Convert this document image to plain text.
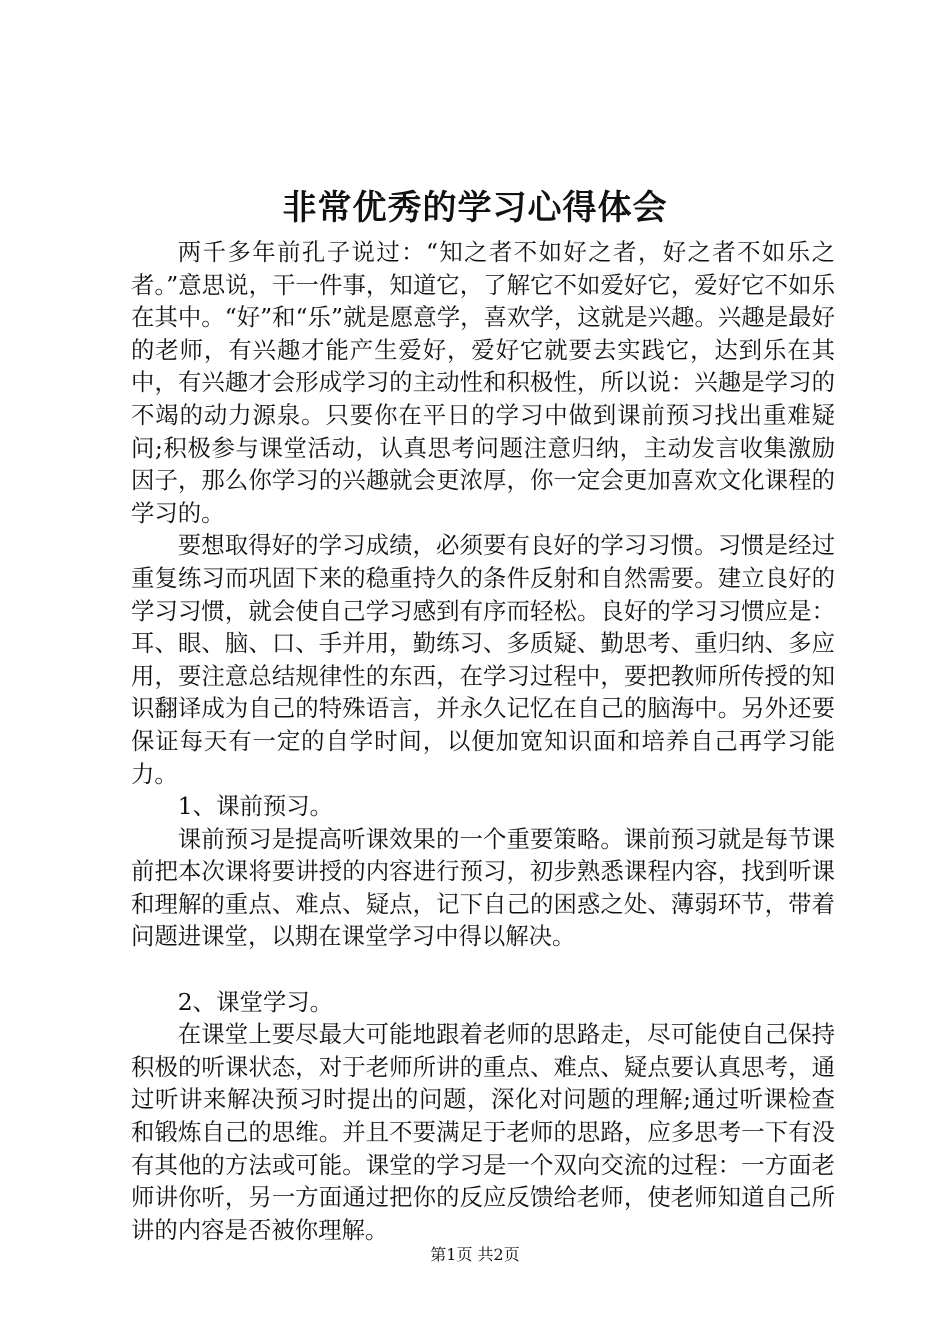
非常优秀的学习心得体会

两千多年前孔子说过：“知之者不如好之者，好之者不如乐之者。”意思说，干一件事，知道它，了解它不如爱好它，爱好它不如乐在其中。“好”和“乐”就是愿意学，喜欢学，这就是兴趣。兴趣是最好的老师，有兴趣才能产生爱好，爱好它就要去实践它，达到乐在其中，有兴趣才会形成学习的主动性和积极性，所以说：兴趣是学习的不竭的动力源泉。只要你在平日的学习中做到课前预习找出重难疑问;积极参与课堂活动，认真思考问题注意归纳，主动发言收集激励因子，那么你学习的兴趣就会更浓厚，你一定会更加喜欢文化课程的学习的。

要想取得好的学习成绩，必须要有良好的学习习惯。习惯是经过重复练习而巩固下来的稳重持久的条件反射和自然需要。建立良好的学习习惯，就会使自己学习感到有序而轻松。良好的学习习惯应是：耳、眼、脑、口、手并用，勤练习、多质疑、勤思考、重归纳、多应用，要注意总结规律性的东西，在学习过程中，要把教师所传授的知识翻译成为自己的特殊语言，并永久记忆在自己的脑海中。另外还要保证每天有一定的自学时间，以便加宽知识面和培养自己再学习能力。

1、课前预习。

课前预习是提高听课效果的一个重要策略。课前预习就是每节课前把本次课将要讲授的内容进行预习，初步熟悉课程内容，找到听课和理解的重点、难点、疑点，记下自己的困惑之处、薄弱环节，带着问题进课堂，以期在课堂学习中得以解决。

2、课堂学习。

在课堂上要尽最大可能地跟着老师的思路走，尽可能使自己保持积极的听课状态，对于老师所讲的重点、难点、疑点要认真思考，通过听讲来解决预习时提出的问题，深化对问题的理解;通过听课检查和锻炼自己的思维。并且不要满足于老师的思路，应多思考一下有没有其他的方法或可能。课堂的学习是一个双向交流的过程：一方面老师讲你听，另一方面通过把你的反应反馈给老师，使老师知道自己所讲的内容是否被你理解。

第1页 共2页
